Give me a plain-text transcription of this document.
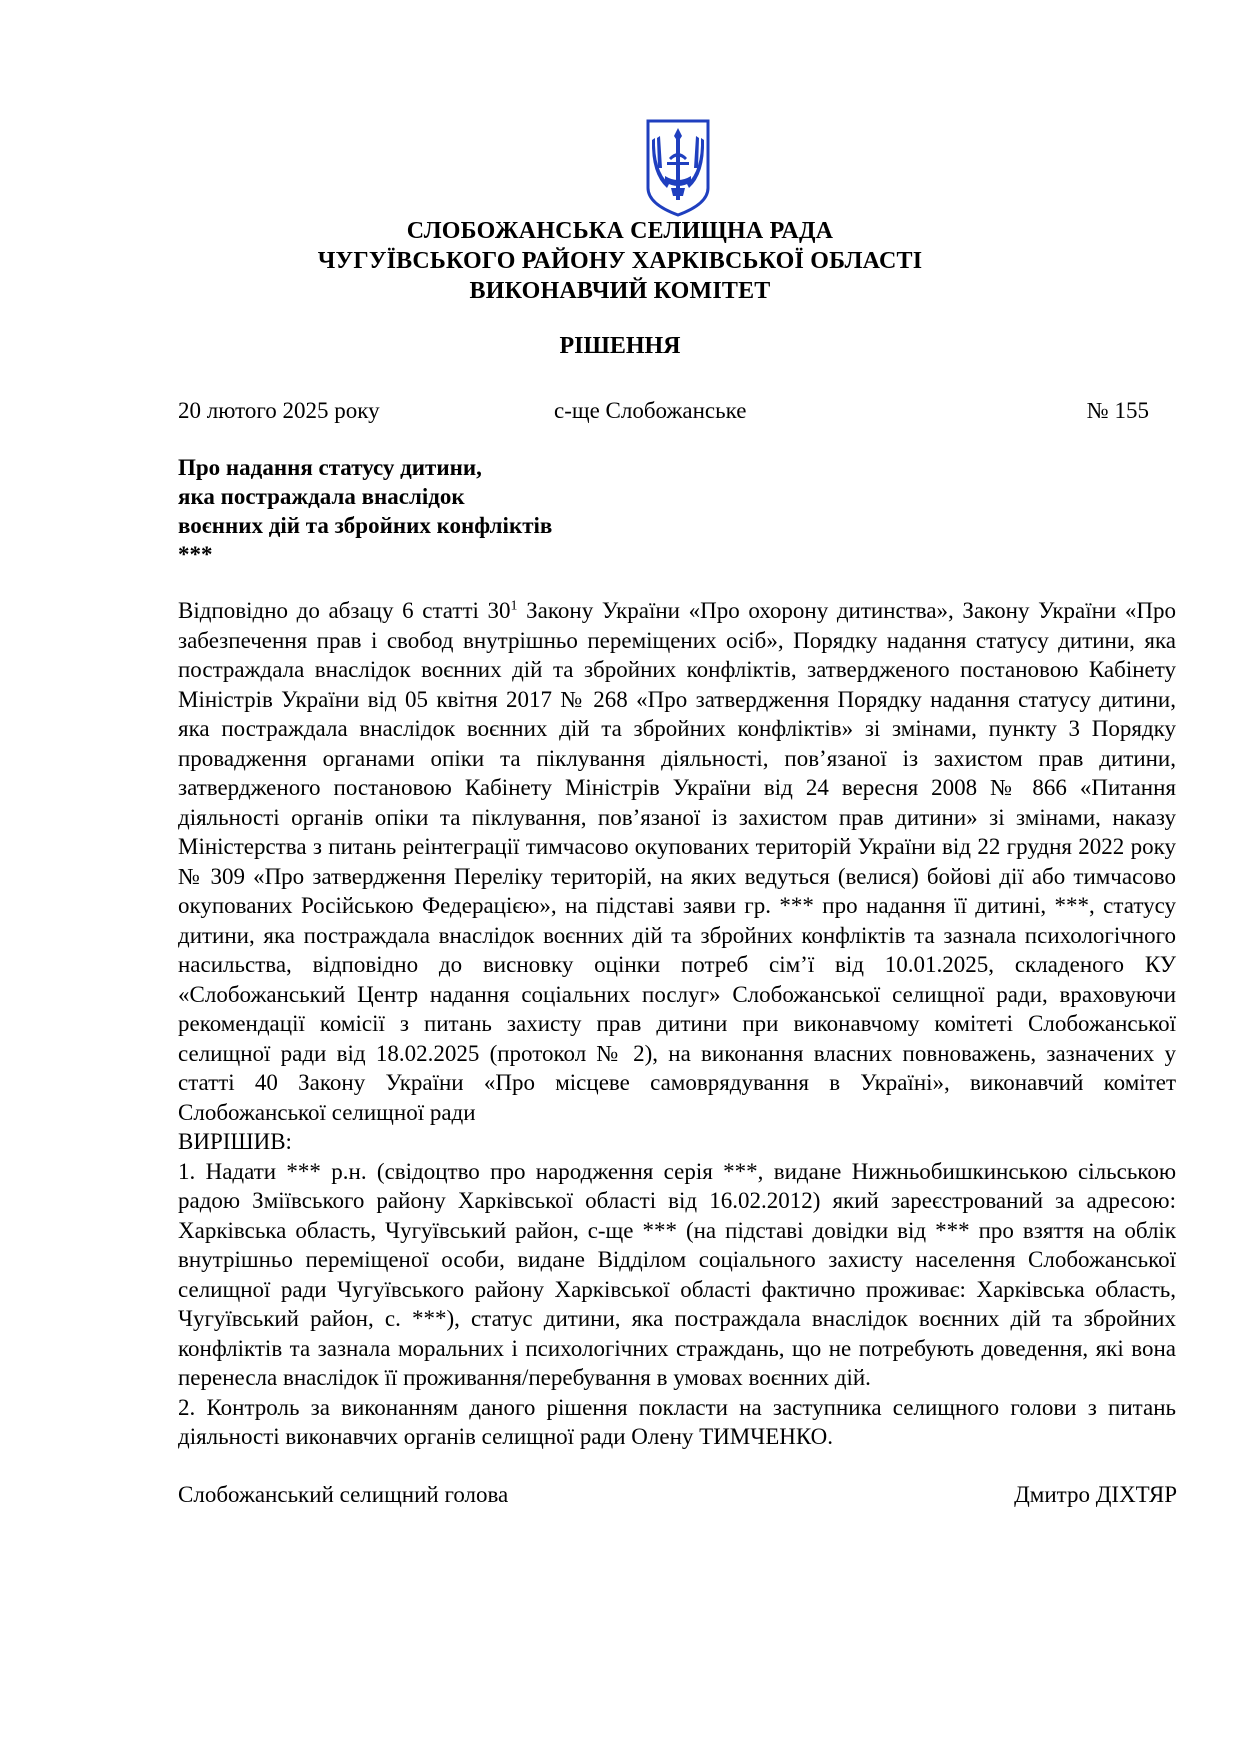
СЛОБОЖАНСЬКА СЕЛИЩНА РАДА
ЧУГУЇВСЬКОГО РАЙОНУ ХАРКІВСЬКОЇ ОБЛАСТІ
ВИКОНАВЧИЙ КОМІТЕТ
РІШЕННЯ
20 лютого 2025 року	с-ще Слобожанське	№ 155
Про надання статусу дитини,
яка постраждала внаслідок
воєнних дій та збройних конфліктів
***

Відповідно до абзацу 6 статті $30^1$ Закону України «Про охорону дитинства», Закону України «Про забезпечення прав і свобод внутрішньо переміщених осіб», Порядку надання статусу дитини, яка постраждала внаслідок воєнних дій та збройних конфліктів, затвердженого постановою Кабінету Міністрів України від 05 квітня 2017 № 268 «Про затвердження Порядку надання статусу дитини, яка постраждала внаслідок воєнних дій та збройних конфліктів» зі змінами, пункту 3 Порядку провадження органами опіки та піклування діяльності, пов’язаної із захистом прав дитини, затвердженого постановою Кабінету Міністрів України від 24 вересня 2008 № 866 «Питання діяльності органів опіки та піклування, пов’язаної із захистом прав дитини» зі змінами, наказу Міністерства з питань реінтеграції тимчасово окупованих територій України від 22 грудня 2022 року № 309 «Про затвердження Переліку територій, на яких ведуться (велися) бойові дії або тимчасово окупованих Російською Федерацією», на підставі заяви гр. *** про надання її дитині, ***, статусу дитини, яка постраждала внаслідок воєнних дій та збройних конфліктів та зазнала психологічного насильства, відповідно до висновку оцінки потреб сім’ї від 10.01.2025, складеного КУ «Слобожанський Центр надання соціальних послуг» Слобожанської селищної ради, враховуючи рекомендації комісії з питань захисту прав дитини при виконавчому комітеті Слобожанської селищної ради від 18.02.2025 (протокол № 2), на виконання власних повноважень, зазначених у статті 40 Закону України «Про місцеве самоврядування в Україні», виконавчий комітет Слобожанської селищної ради

ВИРІШИВ:

1. Надати *** р.н. (свідоцтво про народження серія ***, видане Нижньобишкинською сільською радою Зміївського району Харківської області від 16.02.2012) який зареєстрований за адресою: Харківська область, Чугуївський район, с-ще *** (на підставі довідки від *** про взяття на облік внутрішньо переміщеної особи, видане Відділом соціального захисту населення Слобожанської селищної ради Чугуївського району Харківської області фактично проживає: Харківська область, Чугуївський район, с. ***), статус дитини, яка постраждала внаслідок воєнних дій та збройних конфліктів та зазнала моральних і психологічних страждань, що не потребують доведення, які вона перенесла внаслідок її проживання/перебування в умовах воєнних дій.

2. Контроль за виконанням даного рішення покласти на заступника селищного голови з питань діяльності виконавчих органів селищної ради Олену ТИМЧЕНКО.

Слобожанський селищний голова	Дмитро ДІХТЯР
